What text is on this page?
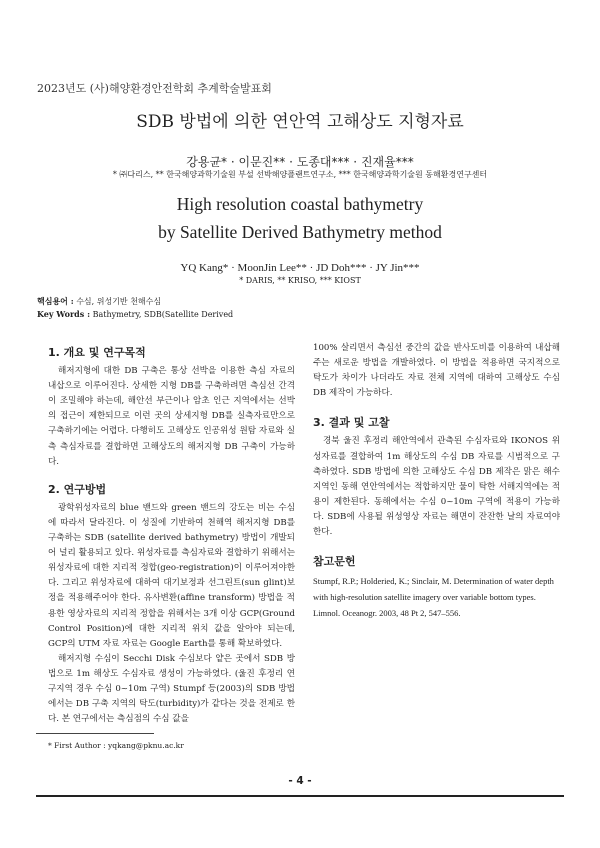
2023년도 (사)해양환경안전학회 추계학술발표회
SDB 방법에 의한 연안역 고해상도 지형자료
강용균* · 이문진** · 도종대*** · 진재율***
* ㈜다리스, ** 한국해양과학기술원 부설 선박해양플랜트연구소, *** 한국해양과학기술원 동해환경연구센터
High resolution coastal bathymetry
by Satellite Derived Bathymetry method
YQ Kang* · MoonJin Lee** · JD Doh*** · JY Jin***
* DARIS, ** KRISO, *** KIOST
핵심용어 : 수심, 위성기반 천해수심
Key Words : Bathymetry, SDB(Satellite Derived
1. 개요 및 연구목적

해저지형에 대한 DB 구축은 통상 선박을 이용한 측심 자료의 내삽으로 이루어진다. 상세한 지형 DB를 구축하려면 측심선 간격이 조밀해야 하는데, 해안선 부근이나 암초 인근 지역에서는 선박의 접근이 제한되므로 이런 곳의 상세지형 DB를 실측자료만으로 구축하기에는 어렵다. 다행히도 고해상도 인공위성 원탐 자료와 실측 측심자료를 결합하면 고해상도의 해저지형 DB 구축이 가능하다.

2. 연구방법

광학위성자료의 blue 밴드와 green 밴드의 강도는 비는 수심에 따라서 달라진다. 이 성질에 기반하여 천해역 해저지형 DB를 구축하는 SDB (satellite derived bathymetry) 방법이 개발되어 널리 활용되고 있다. 위성자료를 측심자료와 결합하기 위해서는 위성자료에 대한 지리적 정합(geo-registration)이 이루어져야한다. 그리고 위성자료에 대하여 대기보정과 선그린트(sun glint)보정을 적용해주어야 한다. 유사변환(affine transform) 방법을 적용한 영상자료의 지리적 정합을 위해서는 3개 이상 GCP(Ground Control Position)에 대한 지리적 위치 값을 알아야 되는데, GCP의 UTM 자료 자료는 Google Earth를 통해 확보하였다.

해저지형 수심이 Secchi Disk 수심보다 얕은 곳에서 SDB 방법으로 1m 해상도 수심자료 생성이 가능하였다. (울진 후정리 연구지역 경우 수심 0~10m 구역) Stumpf 등(2003)의 SDB 방법에서는 DB 구축 지역의 탁도(turbidity)가 같다는 것을 전제로 한다. 본 연구에서는 측심점의 수심 값을

100% 살리면서 측심선 중간의 값을 반사도비를 이용하여 내삽해주는 새로운 방법을 개발하였다. 이 방법을 적용하면 국지적으로 탁도가 차이가 나더라도 자료 전체 지역에 대하여 고해상도 수심 DB 제작이 가능하다.

3. 결과 및 고찰

경북 울진 후정리 해안역에서 관측된 수심자료와 IKONOS 위성자료를 결합하여 1m 해상도의 수심 DB 자료를 시범적으로 구축하였다. SDB 방법에 의한 고해상도 수심 DB 제작은 맑은 해수지역인 동해 연안역에서는 적합하지만 물이 탁한 서해지역에는 적용이 제한된다. 동해에서는 수심 0~10m 구역에 적용이 가능하다. SDB에 사용될 위성영상 자료는 해면이 잔잔한 날의 자료여야 한다.

참고문헌

Stumpf, R.P.; Holderied, K.; Sinclair, M. Determination of water depth with high-resolution satellite imagery over variable bottom types. Limnol. Oceanogr. 2003, 48 Pt 2, 547–556.

* First Author : yqkang@pknu.ac.kr
- 4 -
